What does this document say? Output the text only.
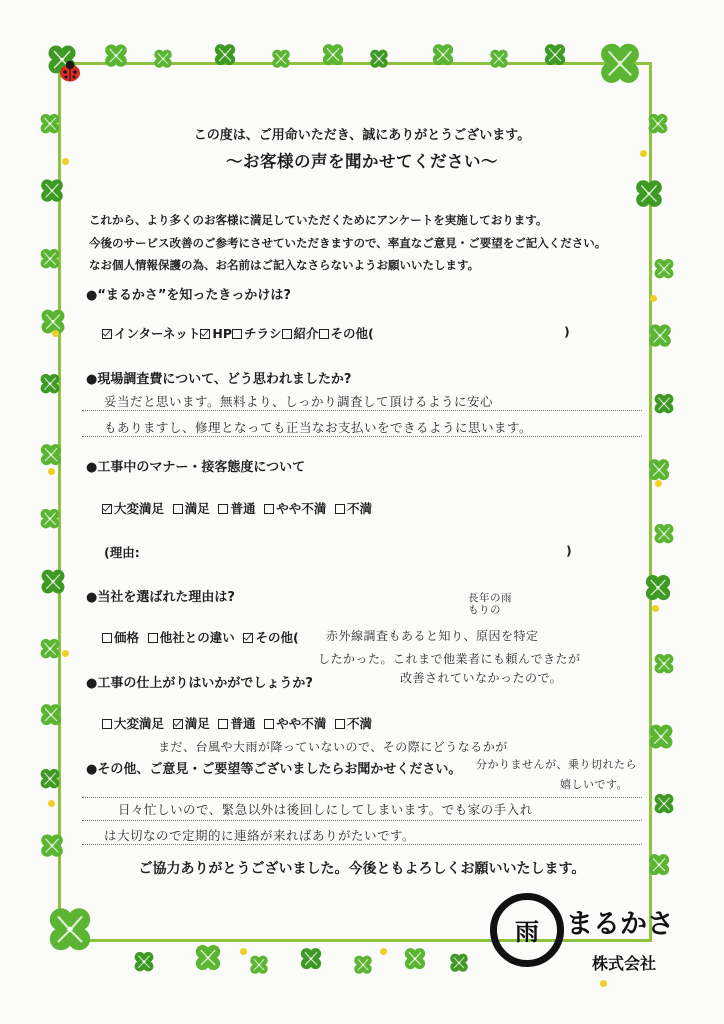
この度は、ご用命いただき、誠にありがとうございます。
～お客様の声を聞かせてください～
これから、より多くのお客様に満足していただくためにアンケートを実施しております。
今後のサービス改善のご参考にさせていただきますので、率直なご意見・ご要望をご記入ください。
なお個人情報保護の為、お名前はご記入なさらないようお願いいたします。
●“まるかさ”を知ったきっかけは?
インターネット HP チラシ 紹介 その他(	)
●現場調査費について、どう思われましたか?
妥当だと思います。無料より、しっかり調査して頂けるように安心
もありますし、修理となっても正当なお支払いをできるように思います。
●工事中のマナー・接客態度について
大変満足 満足 普通 やや不満 不満
(理由:	)
●当社を選ばれた理由は?	長年の雨もりの
価格 他社との違い その他( 赤外線調査もあると知り、原因を特定
したかった。これまで他業者にも頼んできたが
改善されていなかったので。
●工事の仕上がりはいかがでしょうか?
大変満足 満足 普通 やや不満 不満
まだ、台風や大雨が降っていないので、その際にどうなるかが
●その他、ご意見・ご要望等ございましたらお聞かせください。 分かりませんが、乗り切れたら
嬉しいです。
日々忙しいので、緊急以外は後回しにしてしまいます。でも家の手入れ
は大切なので定期的に連絡が来ればありがたいです。
ご協力ありがとうございました。今後ともよろしくお願いいたします。
雨	まるかさ
株式会社
